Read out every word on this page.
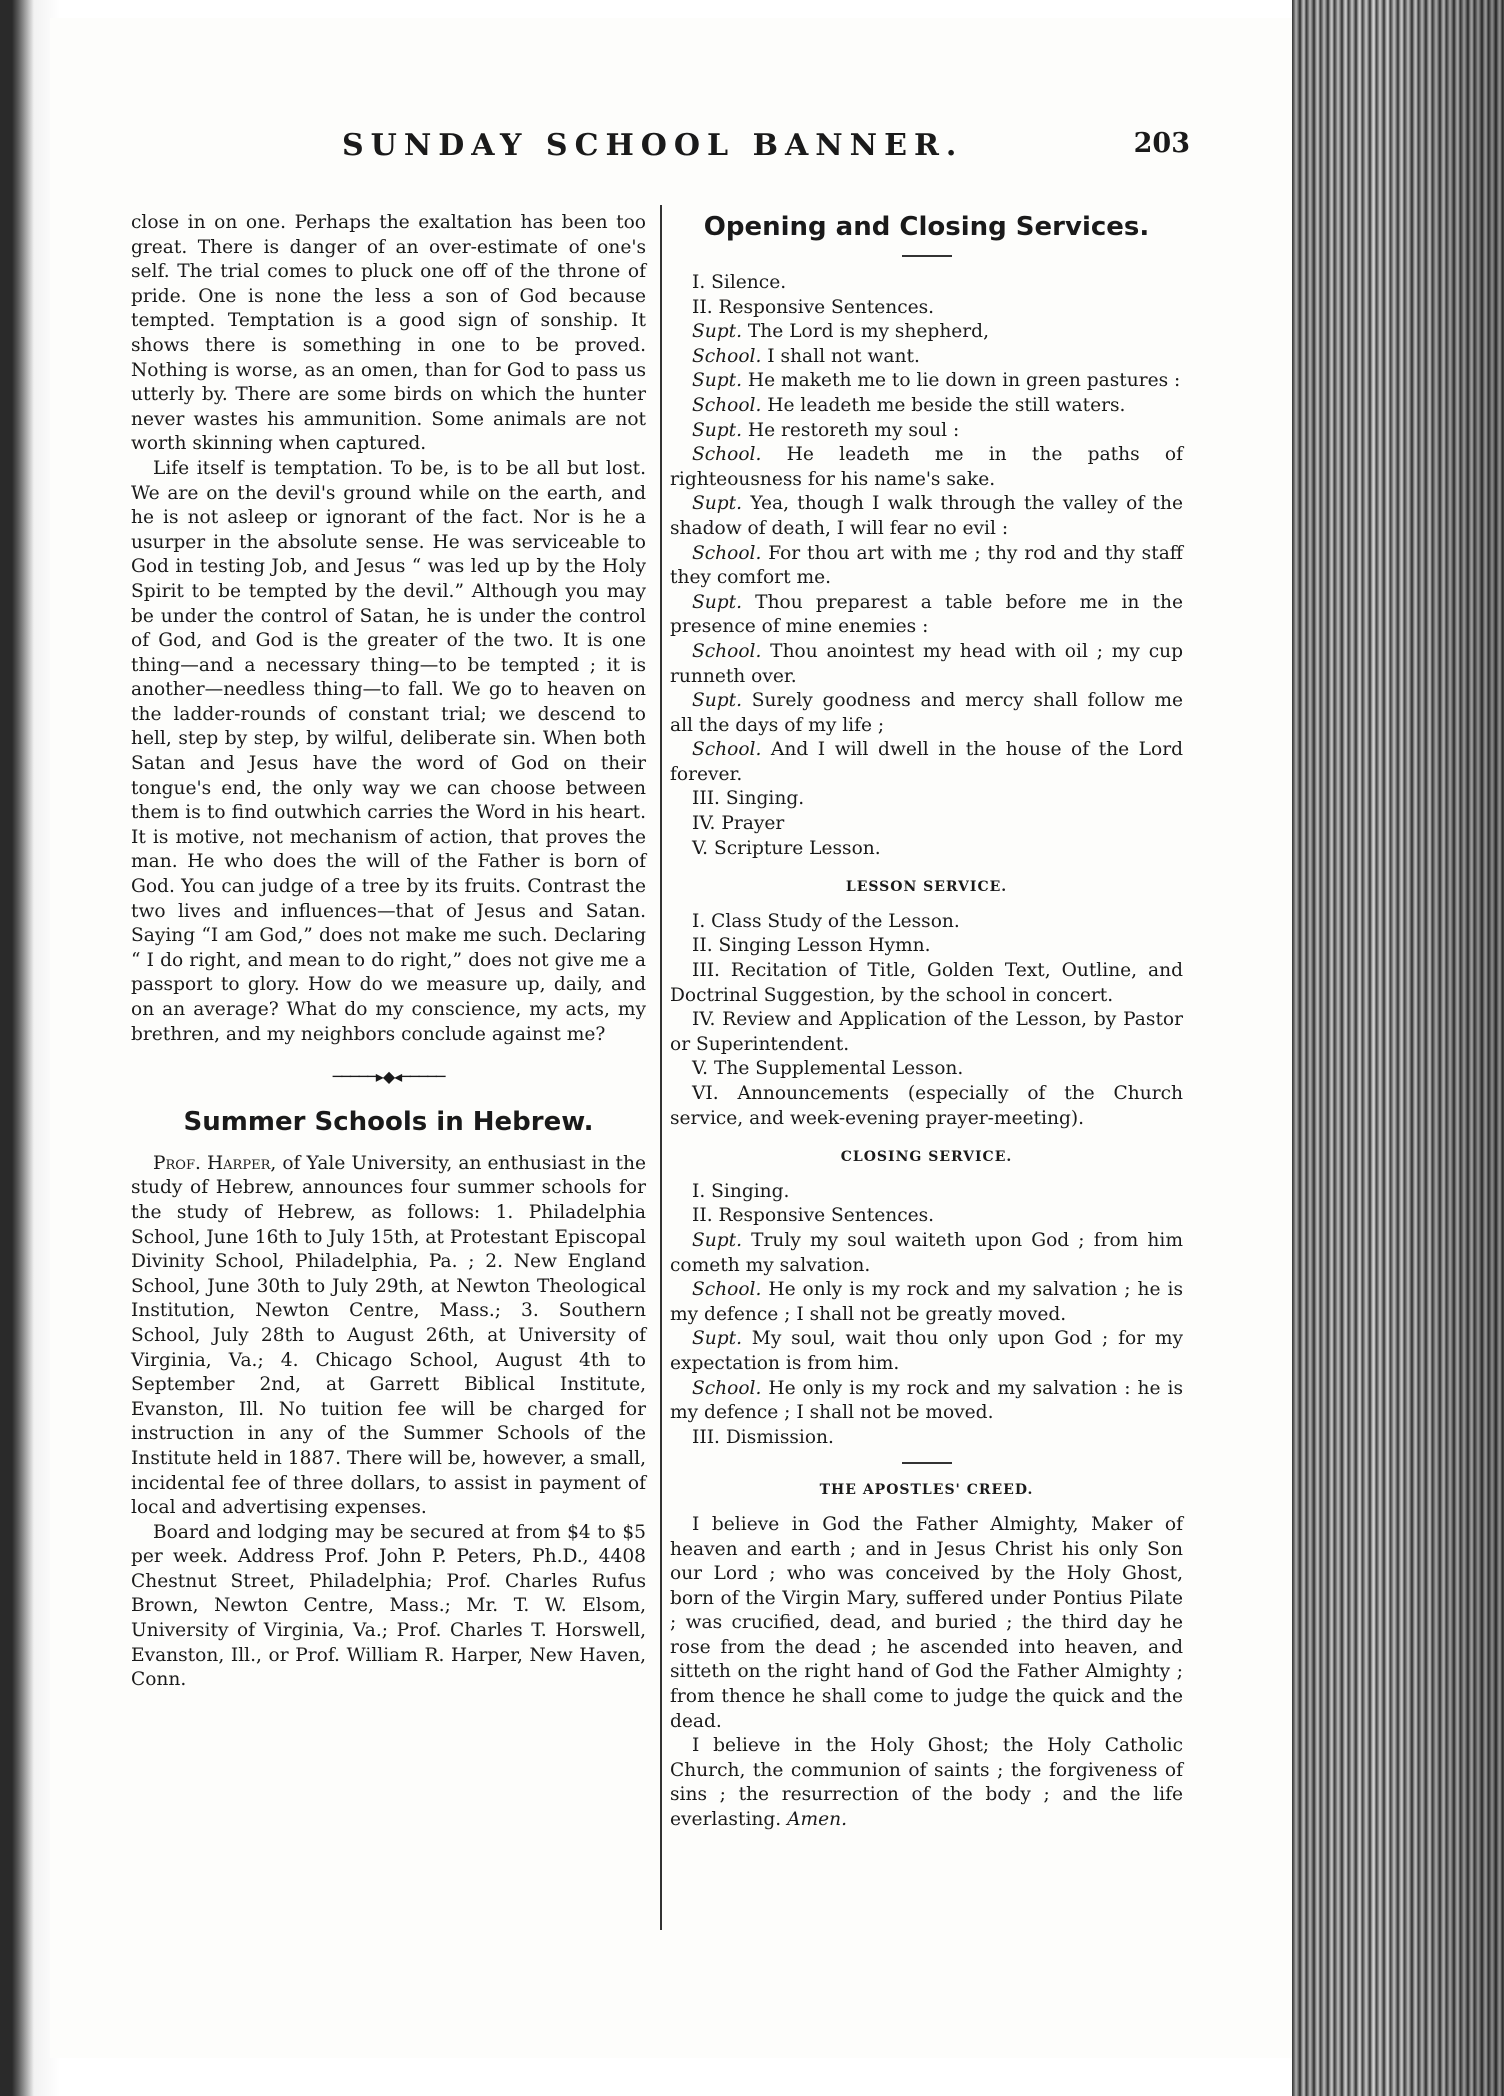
SUNDAY SCHOOL BANNER.	203

close in on one. Perhaps the exaltation has been too great. There is danger of an over-estimate of one's self. The trial comes to pluck one off of the throne of pride. One is none the less a son of God because tempted. Temptation is a good sign of sonship. It shows there is something in one to be proved. Nothing is worse, as an omen, than for God to pass us utterly by. There are some birds on which the hunter never wastes his ammunition. Some animals are not worth skinning when captured.

Life itself is temptation. To be, is to be all but lost. We are on the devil's ground while on the earth, and he is not asleep or ignorant of the fact. Nor is he a usurper in the absolute sense. He was serviceable to God in testing Job, and Jesus “ was led up by the Holy Spirit to be tempted by the devil.” Although you may be under the control of Satan, he is under the control of God, and God is the greater of the two. It is one thing—and a necessary thing—to be tempted ; it is another—needless thing—to fall. We go to heaven on the ladder-rounds of constant trial; we descend to hell, step by step, by wilful, deliberate sin. When both Satan and Jesus have the word of God on their tongue's end, the only way we can choose between them is to find outwhich carries the Word in his heart. It is motive, not mechanism of action, that proves the man. He who does the will of the Father is born of God. You can judge of a tree by its fruits. Contrast the two lives and influences—that of Jesus and Satan. Saying “I am God,” does not make me such. Declaring “ I do right, and mean to do right,” does not give me a passport to glory. How do we measure up, daily, and on an average? What do my conscience, my acts, my brethren, and my neighbors conclude against me?

─────▸◆◂─────
Summer Schools in Hebrew.

Prof. Harper, of Yale University, an enthusiast in the study of Hebrew, announces four summer schools for the study of Hebrew, as follows: 1. Philadelphia School, June 16th to July 15th, at Protestant Episcopal Divinity School, Philadelphia, Pa. ; 2. New England School, June 30th to July 29th, at Newton Theological Institution, Newton Centre, Mass.; 3. Southern School, July 28th to August 26th, at University of Virginia, Va.; 4. Chicago School, August 4th to September 2nd, at Garrett Biblical Institute, Evanston, Ill. No tuition fee will be charged for instruction in any of the Summer Schools of the Institute held in 1887. There will be, however, a small, incidental fee of three dollars, to assist in payment of local and advertising expenses.

Board and lodging may be secured at from $4 to $5 per week. Address Prof. John P. Peters, Ph.D., 4408 Chestnut Street, Philadelphia; Prof. Charles Rufus Brown, Newton Centre, Mass.; Mr. T. W. Elsom, University of Virginia, Va.; Prof. Charles T. Horswell, Evanston, Ill., or Prof. William R. Harper, New Haven, Conn.

Opening and Closing Services.

I. Silence.

II. Responsive Sentences.

Supt. The Lord is my shepherd,

School. I shall not want.

Supt. He maketh me to lie down in green pastures :

School. He leadeth me beside the still waters.

Supt. He restoreth my soul :

School. He leadeth me in the paths of righteousness for his name's sake.

Supt. Yea, though I walk through the valley of the shadow of death, I will fear no evil :

School. For thou art with me ; thy rod and thy staff they comfort me.

Supt. Thou preparest a table before me in the presence of mine enemies :

School. Thou anointest my head with oil ; my cup runneth over.

Supt. Surely goodness and mercy shall follow me all the days of my life ;

School. And I will dwell in the house of the Lord forever.

III. Singing.

IV. Prayer

V. Scripture Lesson.

LESSON SERVICE.

I. Class Study of the Lesson.

II. Singing Lesson Hymn.

III. Recitation of Title, Golden Text, Outline, and Doctrinal Suggestion, by the school in concert.

IV. Review and Application of the Lesson, by Pastor or Superintendent.

V. The Supplemental Lesson.

VI. Announcements (especially of the Church service, and week-evening prayer-meeting).

CLOSING SERVICE.

I. Singing.

II. Responsive Sentences.

Supt. Truly my soul waiteth upon God ; from him cometh my salvation.

School. He only is my rock and my salvation ; he is my defence ; I shall not be greatly moved.

Supt. My soul, wait thou only upon God ; for my expectation is from him.

School. He only is my rock and my salvation : he is my defence ; I shall not be moved.

III. Dismission.

THE APOSTLES' CREED.

I believe in God the Father Almighty, Maker of heaven and earth ; and in Jesus Christ his only Son our Lord ; who was conceived by the Holy Ghost, born of the Virgin Mary, suffered under Pontius Pilate ; was crucified, dead, and buried ; the third day he rose from the dead ; he ascended into heaven, and sitteth on the right hand of God the Father Almighty ; from thence he shall come to judge the quick and the dead.

I believe in the Holy Ghost; the Holy Catholic Church, the communion of saints ; the forgiveness of sins ; the resurrection of the body ; and the life everlasting. Amen.
